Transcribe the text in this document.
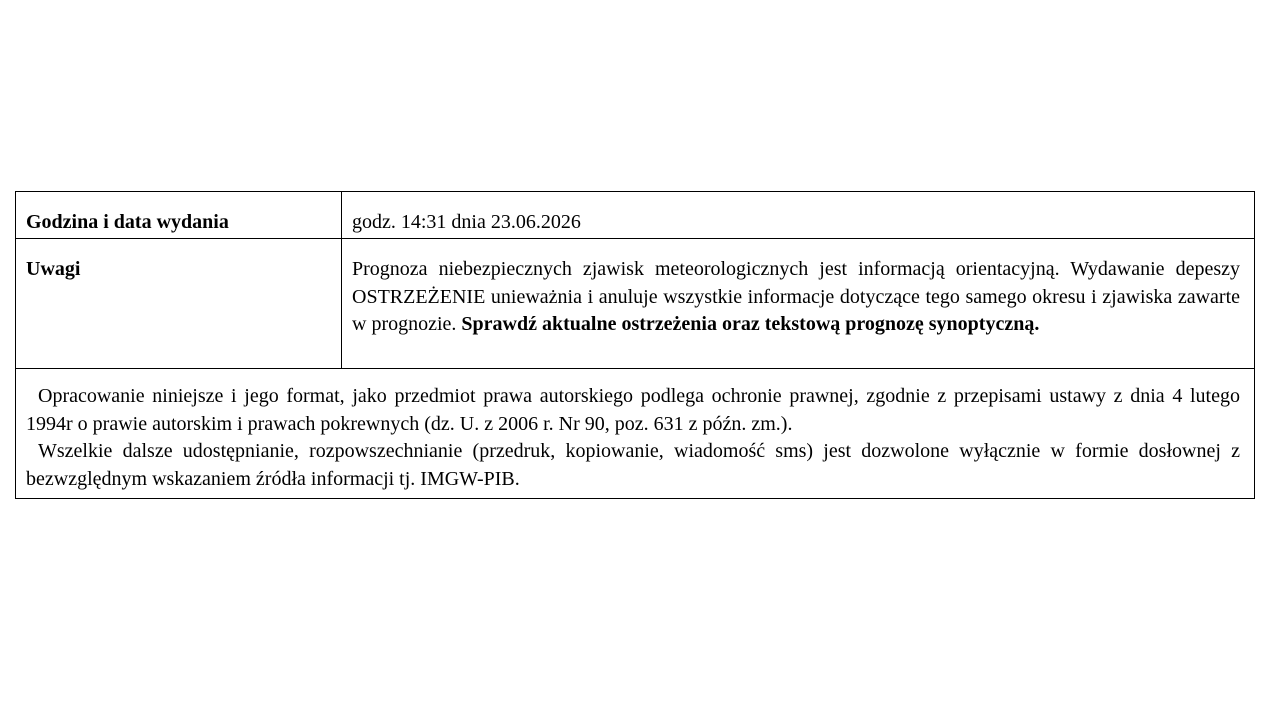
Godzina i data wydania	godz. 14:31 dnia 23.06.2026
Uwagi	Prognoza niebezpiecznych zjawisk meteorologicznych jest informacją orientacyjną. Wydawanie depeszy OSTRZEŻENIE unieważnia i anuluje wszystkie informacje dotyczące tego samego okresu i zjawiska zawarte w prognozie. Sprawdź aktualne ostrzeżenia oraz tekstową prognozę synoptyczną.

Opracowanie niniejsze i jego format, jako przedmiot prawa autorskiego podlega ochronie prawnej, zgodnie z przepisami ustawy z dnia 4 lutego 1994r o prawie autorskim i prawach pokrewnych (dz. U. z 2006 r. Nr 90, poz. 631 z późn. zm.).

Wszelkie dalsze udostępnianie, rozpowszechnianie (przedruk, kopiowanie, wiadomość sms) jest dozwolone wyłącznie w formie dosłownej z bezwzględnym wskazaniem źródła informacji tj. IMGW-PIB.
